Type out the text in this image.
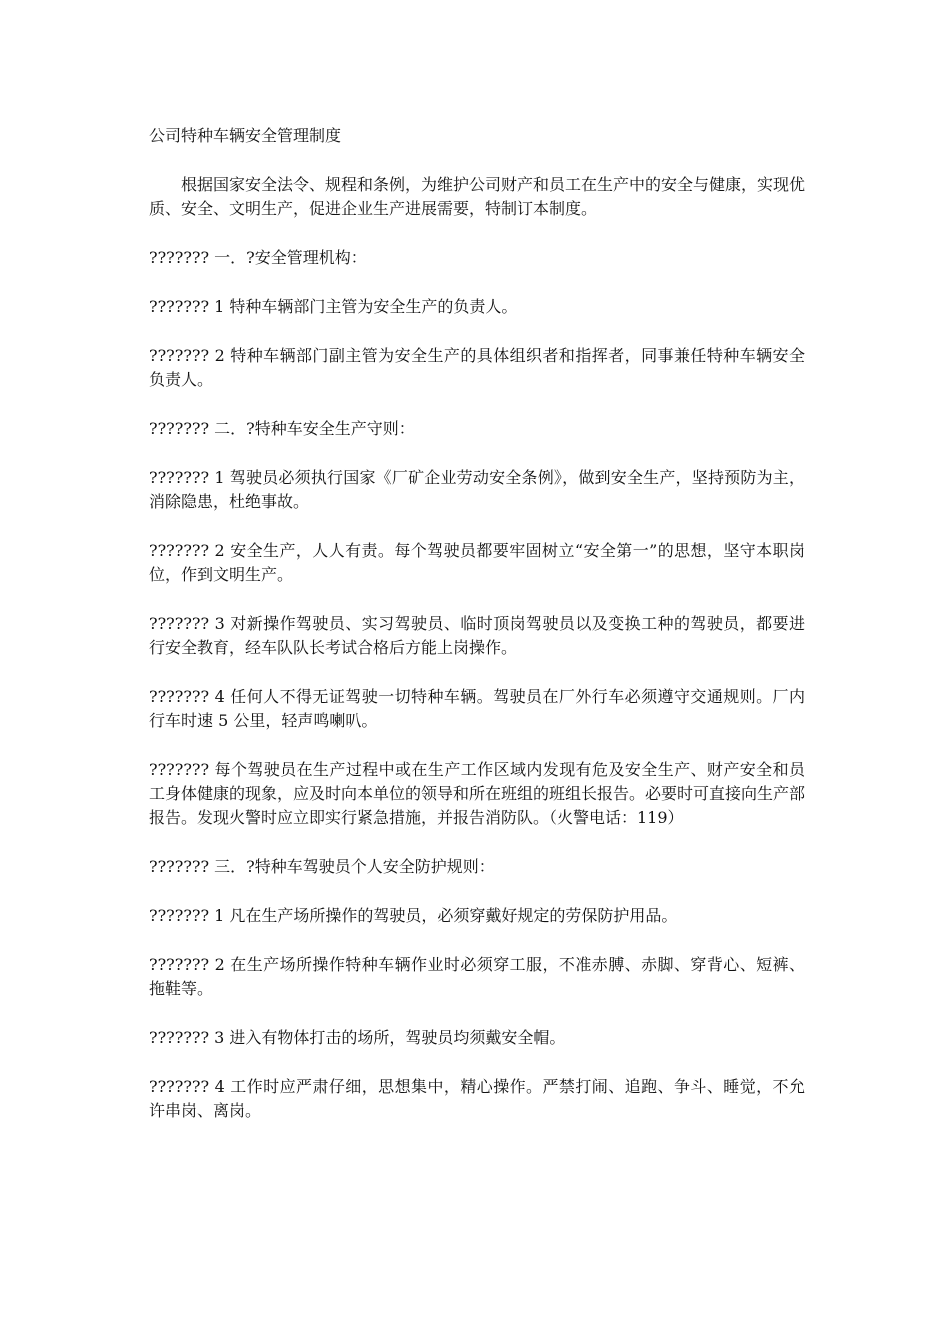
公司特种车辆安全管理制度

根据国家安全法令、规程和条例，为维护公司财产和员工在生产中的安全与健康，实现优质、安全、文明生产，促进企业生产进展需要，特制订本制度。

??????? 一．?安全管理机构：

??????? 1 特种车辆部门主管为安全生产的负责人。

??????? 2 特种车辆部门副主管为安全生产的具体组织者和指挥者，同事兼任特种车辆安全负责人。

??????? 二．?特种车安全生产守则：

??????? 1 驾驶员必须执行国家《厂矿企业劳动安全条例》，做到安全生产，坚持预防为主，消除隐患，杜绝事故。

??????? 2 安全生产，人人有责。每个驾驶员都要牢固树立“安全第一”的思想，坚守本职岗位，作到文明生产。

??????? 3 对新操作驾驶员、实习驾驶员、临时顶岗驾驶员以及变换工种的驾驶员，都要进行安全教育，经车队队长考试合格后方能上岗操作。

??????? 4 任何人不得无证驾驶一切特种车辆。驾驶员在厂外行车必须遵守交通规则。厂内行车时速 5 公里，轻声鸣喇叭。

??????? 每个驾驶员在生产过程中或在生产工作区域内发现有危及安全生产、财产安全和员工身体健康的现象，应及时向本单位的领导和所在班组的班组长报告。必要时可直接向生产部报告。发现火警时应立即实行紧急措施，并报告消防队。（火警电话：119）

??????? 三．?特种车驾驶员个人安全防护规则：

??????? 1 凡在生产场所操作的驾驶员，必须穿戴好规定的劳保防护用品。

??????? 2 在生产场所操作特种车辆作业时必须穿工服，不准赤膊、赤脚、穿背心、短裤、拖鞋等。

??????? 3 进入有物体打击的场所，驾驶员均须戴安全帽。

??????? 4 工作时应严肃仔细，思想集中，精心操作。严禁打闹、追跑、争斗、睡觉，不允许串岗、离岗。
